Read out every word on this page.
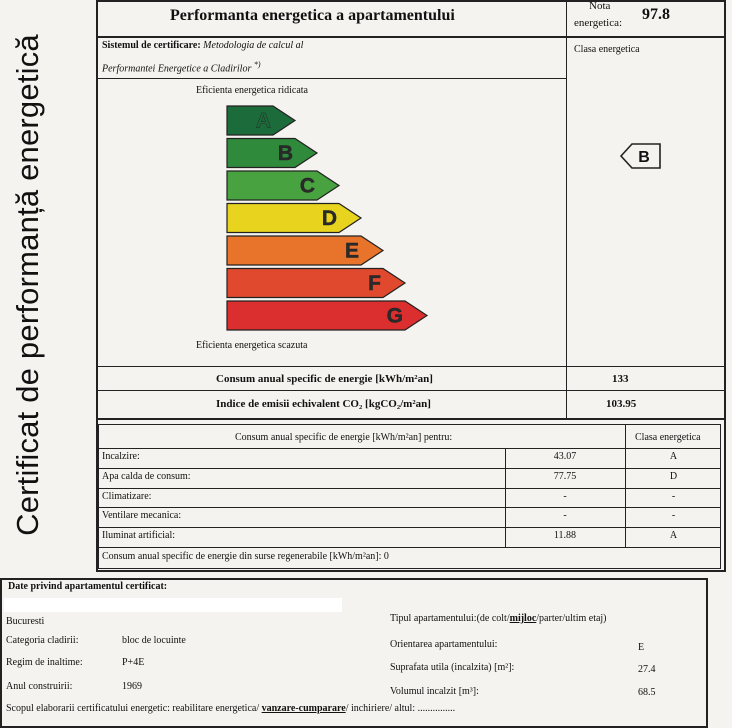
Certificat de performanță energetică
Performanta energetica a apartamentului
Nota
energetica: 97.8
Sistemul de certificare: Metodologia de calcul al
Performantei Energetice a Cladirilor *)
Clasa energetica
Eficienta energetica ridicata
A
B
C
D
E
F
G
Eficienta energetica scazuta
B
Consum anual specific de energie [kWh/m²an]	133
Indice de emisii echivalent CO₂ [kgCO₂/m²an]	103.95
Consum anual specific de energie [kWh/m²an] pentru:	Clasa energetica
Incalzire:	43.07	A
Apa calda de consum:	77.75	D
Climatizare:	-	-
Ventilare mecanica:	-	-
Iluminat artificial:	11.88	A
Consum anual specific de energie din surse regenerabile [kWh/m²an]: 0
Date privind apartamentul certificat:
Bucuresti
Categoria cladirii:	bloc de locuinte
Regim de inaltime:	P+4E
Anul construirii:	1969
Tipul apartamentului:(de colt/mijloc/parter/ultim etaj)
Orientarea apartamentului:	E
Suprafata utila (incalzita) [m²]:	27.4
Volumul incalzit [m³]:	68.5
Scopul elaborarii certificatului energetic: reabilitare energetica/ vanzare-cumparare/ inchiriere/ altul: ...............
